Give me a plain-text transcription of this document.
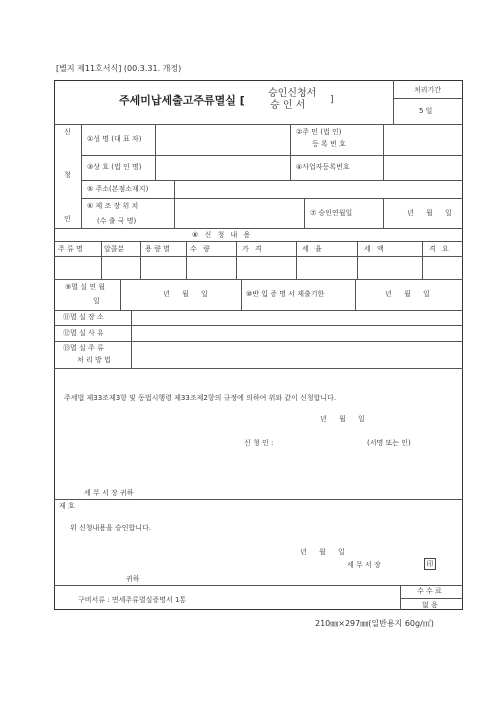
[별지 제11호서식] (00.3.31. 개정)
주세미납세출고주류멸실 [
승인신청서
승 인 서	]
처리기간
5 일
신
청
인
①성 명 (대 표 자)
②주 민 (법 인)
등 록 번 호
③상 호 (법 인 명)	④사업자등록번호
⑤ 주소(본점소재지)
⑥ 제 조 장 위 치
(수 출 국 명)
⑦ 승인연월일	년 월 일
⑧ 신 청 내 용
주 류 명	알콜분	용 량 별	수 량	가 격	세 율	세 액	격 요
⑨멸 실 연 월
일
년 월 일	⑩반 입 증 명 서 제출기한	년 월 일
⑪멸 실 장 소
⑫멸 실 사 유
⑬멸 실 주 류
처 리 방 법
주세법 제33조제3항 및 동법시행령 제33조제2항의 규정에 의하여 위와 같이 신청합니다.
년 월 일
신 청 인 :	(서명 또는 인)
세 무 서 장 귀하
제 호
위 신청내용을 승인합니다.
년 월 일
세 무 서 장	印
귀하
구비서류 : 면세주류멸실증명서 1통
수 수 료
없 음
210㎜×297㎜(일반용지 60g/㎡)
